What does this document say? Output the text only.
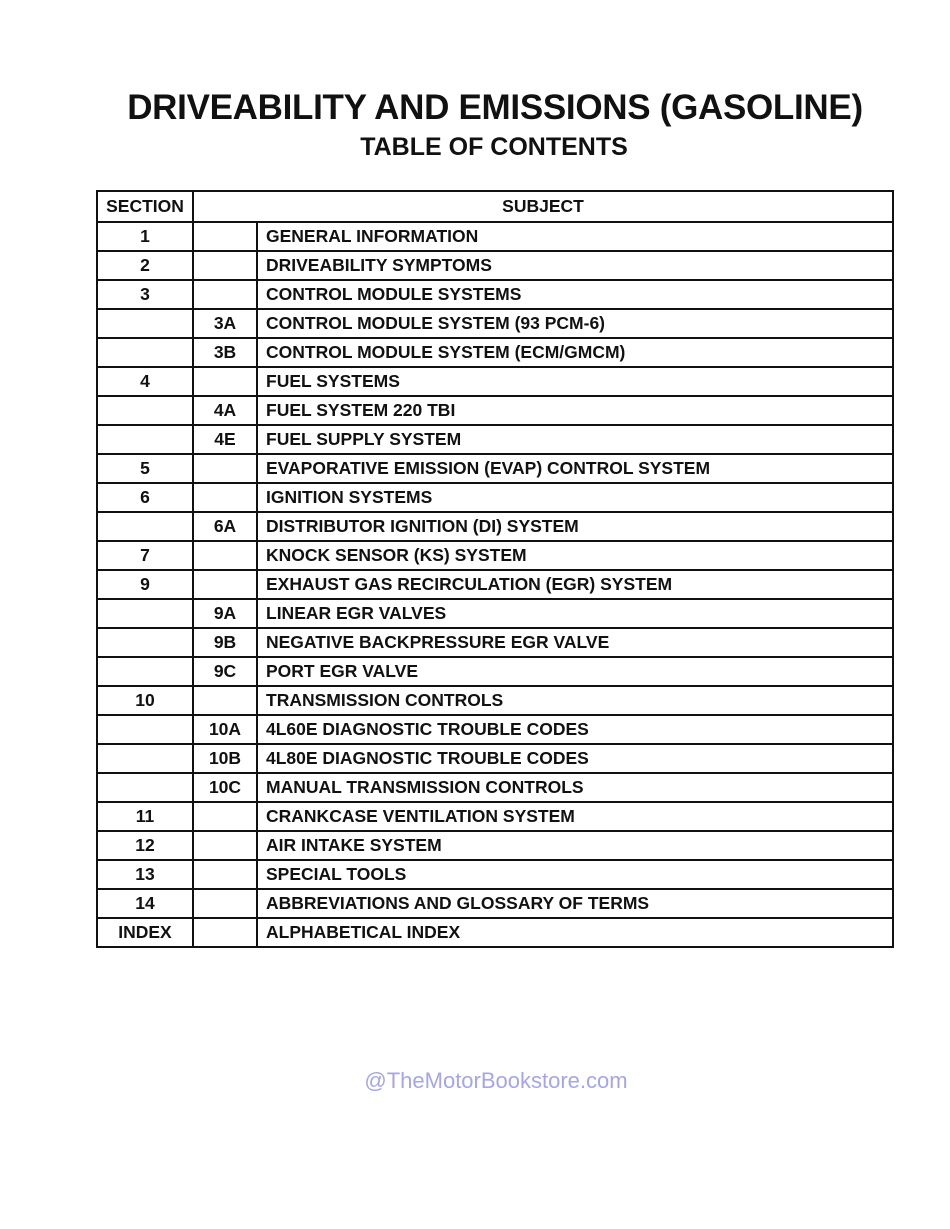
DRIVEABILITY AND EMISSIONS (GASOLINE)
TABLE OF CONTENTS
SECTION	SUBJECT	
1		GENERAL INFORMATION
2		DRIVEABILITY SYMPTOMS
3		CONTROL MODULE SYSTEMS
	3A	CONTROL MODULE SYSTEM (93 PCM-6)
	3B	CONTROL MODULE SYSTEM (ECM/GMCM)
4		FUEL SYSTEMS
	4A	FUEL SYSTEM 220 TBI
	4E	FUEL SUPPLY SYSTEM
5		EVAPORATIVE EMISSION (EVAP) CONTROL SYSTEM
6		IGNITION SYSTEMS
	6A	DISTRIBUTOR IGNITION (DI) SYSTEM
7		KNOCK SENSOR (KS) SYSTEM
9		EXHAUST GAS RECIRCULATION (EGR) SYSTEM
	9A	LINEAR EGR VALVES
	9B	NEGATIVE BACKPRESSURE EGR VALVE
	9C	PORT EGR VALVE
10		TRANSMISSION CONTROLS
	10A	4L60E DIAGNOSTIC TROUBLE CODES
	10B	4L80E DIAGNOSTIC TROUBLE CODES
	10C	MANUAL TRANSMISSION CONTROLS
11		CRANKCASE VENTILATION SYSTEM
12		AIR INTAKE SYSTEM
13		SPECIAL TOOLS
14		ABBREVIATIONS AND GLOSSARY OF TERMS
INDEX		ALPHABETICAL INDEX
@TheMotorBookstore.com
